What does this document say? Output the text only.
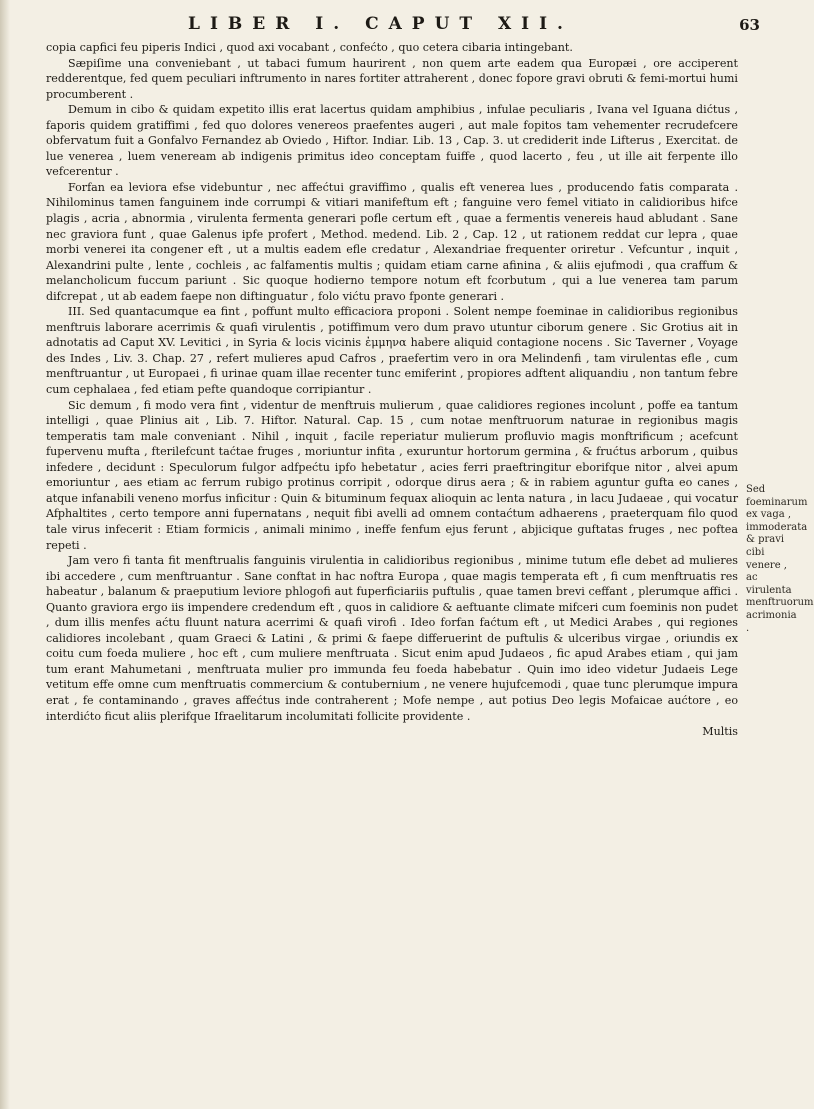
LIBER I. CAPUT XII.	63

copia capfici feu piperis Indici , quod axi vocabant , confećto , quo cetera cibaria intingebant.

Sæpiſime una conveniebant , ut tabaci fumum haurirent , non quem arte eadem qua Europæi , ore acciperent redderentque, fed quem peculiari inftrumento in nares fortiter attraherent , donec fopore gravi obruti & femi-mortui humi procumberent .

Demum in cibo & quidam expetito illis erat lacertus quidam amphibius , infulae peculiaris , Ivana vel Iguana dićtus , faporis quidem gratiffimi , fed quo dolores venereos praefentes augeri , aut male fopitos tam vehementer recrudefcere obfervatum fuit a Gonfalvo Fernandez ab Oviedo , Hiftor. Indiar. Lib. 13 , Cap. 3. ut crediderit inde Lifterus , Exercitat. de lue venerea , luem veneream ab indigenis primitus ideo conceptam fuiffe , quod lacerto , feu , ut ille ait ferpente illo vefcerentur .

Forfan ea leviora efse videbuntur , nec affećtui graviffimo , qualis eft venerea lues , producendo fatis comparata . Nihilominus tamen fanguinem inde corrumpi & vitiari manifeftum eft ; fanguine vero femel vitiato in calidioribus hifce plagis , acria , abnormia , virulenta fermenta generari pofle certum eft , quae a fermentis venereis haud abludant . Sane nec graviora funt , quae Galenus ipfe profert , Method. medend. Lib. 2 , Cap. 12 , ut rationem reddat cur lepra , quae morbi venerei ita congener eft , ut a multis eadem efle credatur , Alexandriae frequenter oriretur . Vefcuntur , inquit , Alexandrini pulte , lente , cochleis , ac falfamentis multis ; quidam etiam carne afinina , & aliis ejufmodi , qua craffum & melancholicum fuccum pariunt . Sic quoque hodierno tempore notum eft fcorbutum , qui a lue venerea tam parum difcrepat , ut ab eadem faepe non diftinguatur , folo vićtu pravo fponte generari .

III. Sed quantacumque ea fint , poffunt multo efficaciora proponi . Solent nempe foeminae in calidioribus regionibus menftruis laborare acerrimis & quafi virulentis , potiffimum vero dum pravo utuntur ciborum genere . Sic Grotius ait in adnotatis ad Caput XV. Levitici , in Syria & locis vicinis ἐμμηνα habere aliquid contagione nocens . Sic Taverner , Voyage des Indes , Liv. 3. Chap. 27 , refert mulieres apud Cafros , praefertim vero in ora Melindenfi , tam virulentas efle , cum menftruantur , ut Europaei , fi urinae quam illae recenter tunc emiferint , propiores adftent aliquandiu , non tantum febre cum cephalaea , fed etiam pefte quandoque corripiantur .

Sic demum , fi modo vera fint , videntur de menftruis mulierum , quae calidiores regiones incolunt , poffe ea tantum intelligi , quae Plinius ait , Lib. 7. Hiftor. Natural. Cap. 15 , cum notae menftruorum naturae in regionibus magis temperatis tam male conveniant . Nihil , inquit , facile reperiatur mulierum profluvio magis monftrificum ; acefcunt fupervenu mufta , fterilefcunt taćtae fruges , moriuntur infita , exuruntur hortorum germina , & frućtus arborum , quibus infedere , decidunt : Speculorum fulgor adfpećtu ipfo hebetatur , acies ferri praeftringitur eborifque nitor , alvei apum emoriuntur , aes etiam ac ferrum rubigo protinus corripit , odorque dirus aera ; & in rabiem aguntur gufta eo canes , atque infanabili veneno morfus inficitur : Quin & bituminum fequax alioquin ac lenta natura , in lacu Judaeae , qui vocatur Afphaltites , certo tempore anni fupernatans , nequit fibi avelli ad omnem contaćtum adhaerens , praeterquam filo quod tale virus infecerit : Etiam formicis , animali minimo , ineffe fenfum ejus ferunt , abjicique guftatas fruges , nec poftea repeti .

Jam vero fi tanta fit menftrualis fanguinis virulentia in calidioribus regionibus , minime tutum efle debet ad mulieres ibi accedere , cum menftruantur . Sane conftat in hac noftra Europa , quae magis temperata eft , fi cum menftruatis res habeatur , balanum & praeputium leviore phlogofi aut fuperficiariis puftulis , quae tamen brevi ceffant , plerumque affici . Quanto graviora ergo iis impendere credendum eft , quos in calidiore & aeftuante climate mifceri cum foeminis non pudet , dum illis menfes aćtu fluunt natura acerrimi & quafi virofi . Ideo forfan faćtum eft , ut Medici Arabes , qui regiones calidiores incolebant , quam Graeci & Latini , & primi & faepe differuerint de puftulis & ulceribus virgae , oriundis ex coitu cum foeda muliere , hoc eft , cum muliere menftruata . Sicut enim apud Judaeos , fic apud Arabes etiam , qui jam tum erant Mahumetani , menftruata mulier pro immunda feu foeda habebatur . Quin imo ideo videtur Judaeis Lege vetitum effe omne cum menftruatis commercium & contubernium , ne venere hujufcemodi , quae tunc plerumque impura erat , fe contaminando , graves affećtus inde contraherent ; Mofe nempe , aut potius Deo legis Mofaicae aućtore , eo interdićto ficut aliis plerifque Ifraelitarum incolumitati follicite providente .

Multis

Sed foeminarum ex vaga , immoderata & pravi cibi venere , ac virulenta menftruorum acrimonia .
